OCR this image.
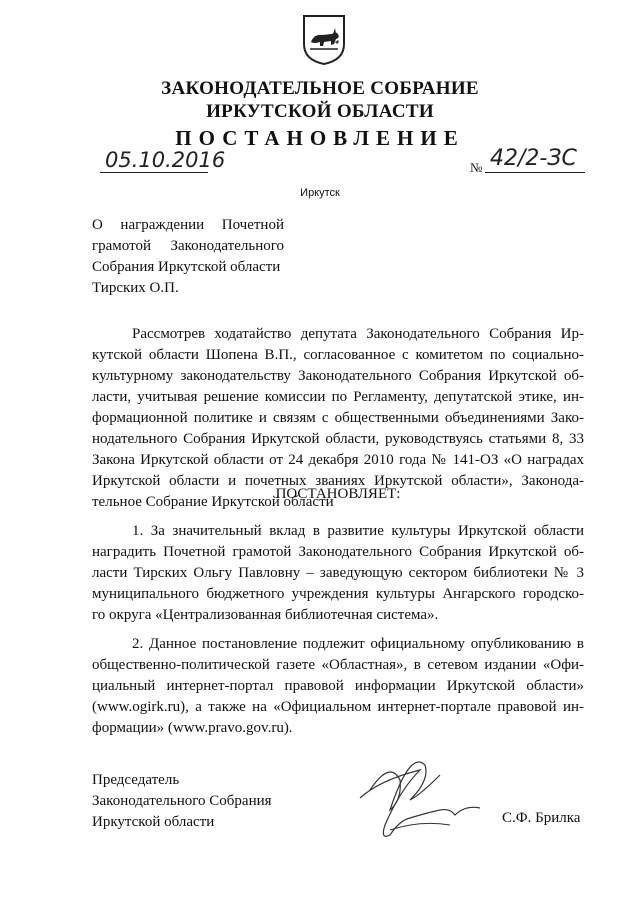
ЗАКОНОДАТЕЛЬНОЕ СОБРАНИЕ
ИРКУТСКОЙ ОБЛАСТИ
ПОСТАНОВЛЕНИЕ
05.10.2016	№ 42/2-ЗС
Иркутск

О награждении Почетной

грамотой Законодательного

Собрания Иркутской области

Тирских О.П.

Рассмотрев ходатайство депутата Законодательного Собрания Ир-
кутской области Шопена В.П., согласованное с комитетом по социально-
культурному законодательству Законодательного Собрания Иркутской об-
ласти, учитывая решение комиссии по Регламенту, депутатской этике, ин-
формационной политике и связям с общественными объединениями Зако-
нодательного Собрания Иркутской области, руководствуясь статьями 8, 33
Закона Иркутской области от 24 декабря 2010 года № 141-ОЗ «О наградах
Иркутской области и почетных званиях Иркутской области», Законода-
тельное Собрание Иркутской области
ПОСТАНОВЛЯЕТ:
1. За значительный вклад в развитие культуры Иркутской области
наградить Почетной грамотой Законодательного Собрания Иркутской об-
ласти Тирских Ольгу Павловну – заведующую сектором библиотеки № 3
муниципального бюджетного учреждения культуры Ангарского городско-
го округа «Централизованная библиотечная система».
2. Данное постановление подлежит официальному опубликованию в
общественно-политической газете «Областная», в сетевом издании «Офи-
циальный интернет-портал правовой информации Иркутской области»
(www.ogirk.ru), а также на «Официальном интернет-портале правовой ин-
формации» (www.pravo.gov.ru).
Председатель
Законодательного Собрания
Иркутской области	С.Ф. Брилка
